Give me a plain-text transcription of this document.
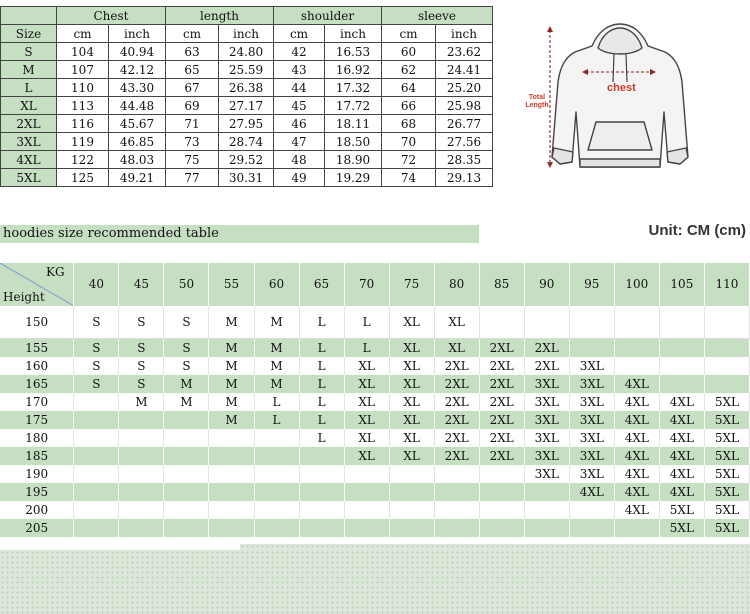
	Chest		length		shoulder		sleeve	
Size	cm	inch	cm	inch	cm	inch	cm	inch
S	104	40.94	63	24.80	42	16.53	60	23.62
M	107	42.12	65	25.59	43	16.92	62	24.41
L	110	43.30	67	26.38	44	17.32	64	25.20
XL	113	44.48	69	27.17	45	17.72	66	25.98
2XL	116	45.67	71	27.95	46	18.11	68	26.77
3XL	119	46.85	73	28.74	47	18.50	70	27.56
4XL	122	48.03	75	29.52	48	18.90	72	28.35
5XL	125	49.21	77	30.31	49	19.29	74	29.13
chest
Total Length
hoodies size recommended table	Unit: CM (cm)
KG
Height	40	45	50	55	60	65	70	75	80	85	90	95	100	105	110
150	S	S	S	M	M	L	L	XL	XL						
155	S	S	S	M	M	L	L	XL	XL	2XL	2XL				
160	S	S	S	M	M	L	XL	XL	2XL	2XL	2XL	3XL			
165	S	S	M	M	M	L	XL	XL	2XL	2XL	3XL	3XL	4XL		
170		M	M	M	L	L	XL	XL	2XL	2XL	3XL	3XL	4XL	4XL	5XL
175				M	L	L	XL	XL	2XL	2XL	3XL	3XL	4XL	4XL	5XL
180						L	XL	XL	2XL	2XL	3XL	3XL	4XL	4XL	5XL
185							XL	XL	2XL	2XL	3XL	3XL	4XL	4XL	5XL
190											3XL	3XL	4XL	4XL	5XL
195												4XL	4XL	4XL	5XL
200													4XL	5XL	5XL
205														5XL	5XL
